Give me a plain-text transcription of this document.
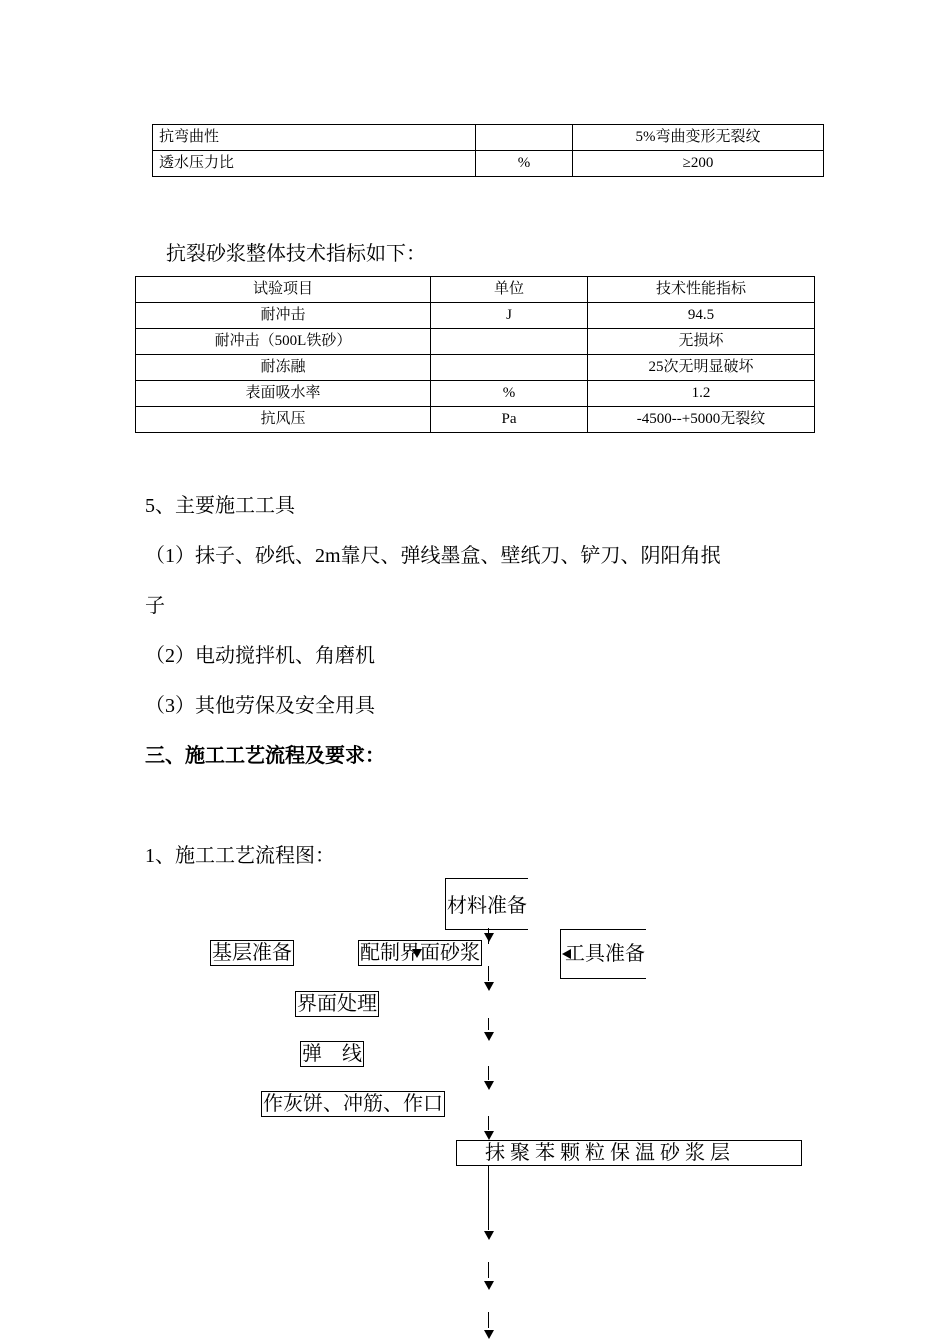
抗弯曲性		5%弯曲变形无裂纹
透水压力比	%	≥200
抗裂砂浆整体技术指标如下：
试验项目	单位	技术性能指标
耐冲击	J	94.5
耐冲击（500L铁砂）		无损坏
耐冻融		25次无明显破坏
表面吸水率	%	1.2
抗风压	Pa	-4500--+5000无裂纹
5、主要施工工具
（1）抹子、砂纸、2m靠尺、弹线墨盒、壁纸刀、铲刀、阴阳角抿
子
（2）电动搅拌机、角磨机
（3）其他劳保及安全用具
三、施工工艺流程及要求：
1、施工工艺流程图：
材料准备
基层准备	配制界面砂浆	工具准备
界面处理
弹　线
作灰饼、冲筋、作口
抹 聚 苯 颗 粒 保 温 砂 浆 层
